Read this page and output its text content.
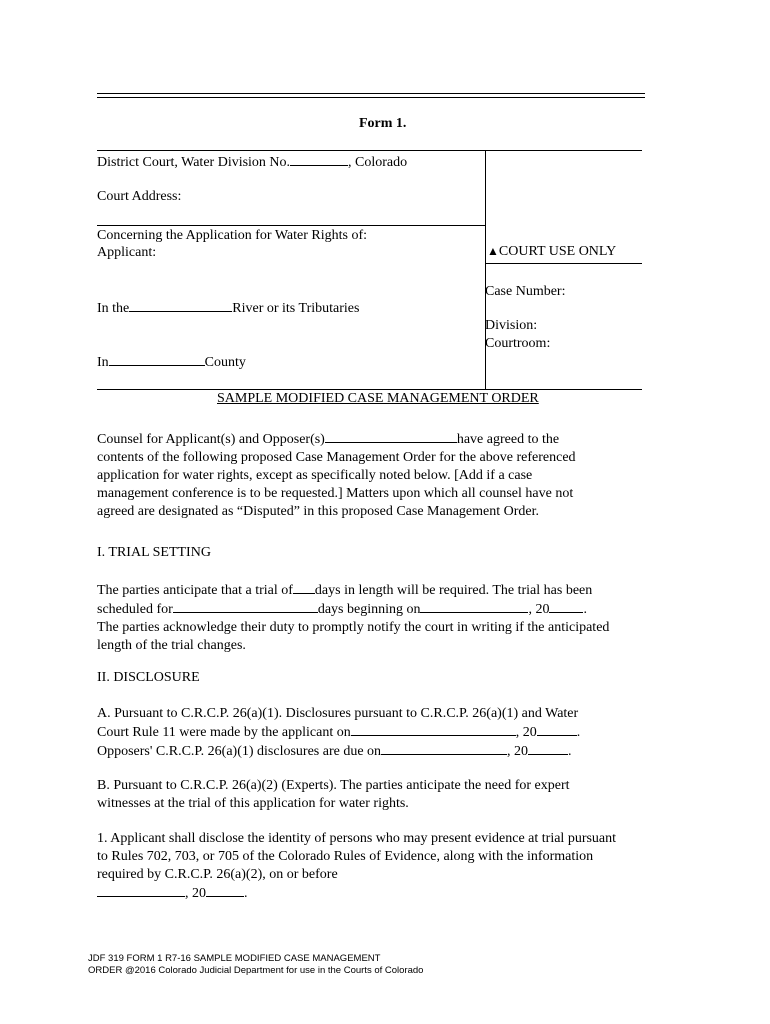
Form 1.
District Court, Water Division No.	, Colorado
Court Address:
Concerning the Application for Water Rights of:
Applicant:
In the	River or its Tributaries
In	County
▲COURT USE ONLY
Case Number:
Division:
Courtroom:
SAMPLE MODIFIED CASE MANAGEMENT ORDER
Counsel for Applicant(s) and Opposer(s)	have agreed to the
contents of the following proposed Case Management Order for the above referenced
application for water rights, except as specifically noted below. [Add if a case
management conference is to be requested.] Matters upon which all counsel have not
agreed are designated as “Disputed” in this proposed Case Management Order.
I. TRIAL SETTING
The parties anticipate that a trial of days in length will be required. The trial has been
scheduled for	days beginning on	, 20 .
The parties acknowledge their duty to promptly notify the court in writing if the anticipated
length of the trial changes.
II. DISCLOSURE
A. Pursuant to C.R.C.P. 26(a)(1). Disclosures pursuant to C.R.C.P. 26(a)(1) and Water
Court Rule 11 were made by the applicant on	, 20	.
Opposers' C.R.C.P. 26(a)(1) disclosures are due on	, 20	.
B. Pursuant to C.R.C.P. 26(a)(2) (Experts). The parties anticipate the need for expert
witnesses at the trial of this application for water rights.
1. Applicant shall disclose the identity of persons who may present evidence at trial pursuant
to Rules 702, 703, or 705 of the Colorado Rules of Evidence, along with the information
required by C.R.C.P. 26(a)(2), on or before
, 20	.
JDF 319 FORM 1 R7-16 SAMPLE MODIFIED CASE MANAGEMENT
ORDER @2016 Colorado Judicial Department for use in the Courts of Colorado
